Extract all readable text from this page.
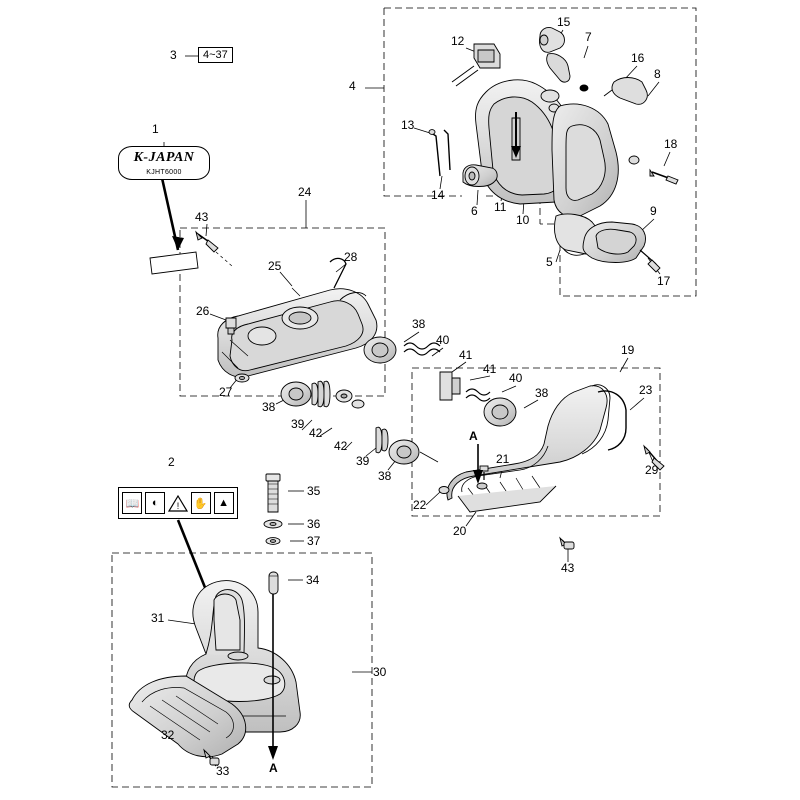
K-JAPAN
KJHT6000
4~37
📖	◐	! ✋ ▲
1
2
3
4
5
6
7
8
9
10
11
12
13
14
15
16
17
18
19
20
21
22
23
24
25
26
27
28
29
30
31
32
33
34
35
36
37
38
38
38
38
39
39
40
40
41
41
42
42
43
43
A
A
